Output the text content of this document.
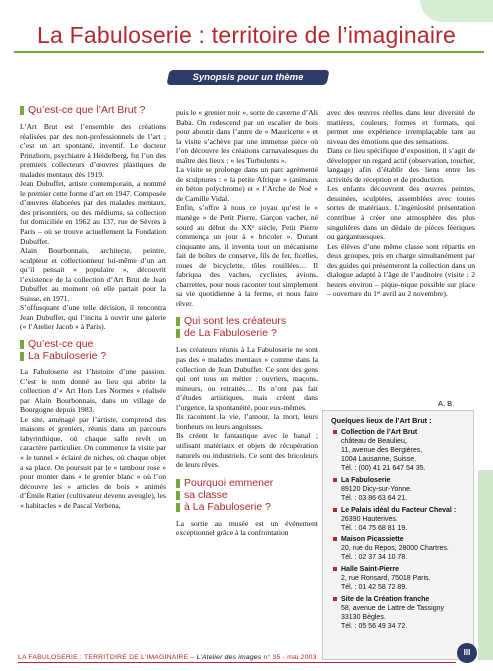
La Fabuloserie : territoire de l’imaginaire
Synopsis pour un thème

Qu’est-ce que l’Art Brut ?

L’Art Brut est l’ensemble des créations réalisées par des non-professionnels de l’art ; c’est un art spontané, inventif. Le docteur Prinzhorn, psychiatre à Heidelberg, fut l’un des premiers collecteurs d’œuvres plastiques de malades mentaux dès 1919.

Jean Dubuffet, artiste contemporain, a nommé le premier cette forme d’art en 1947. Composée d’œuvres élaborées par des malades mentaux, des prisonniers, ou des médiums, sa collection fut domiciliée en 1962 au 137, rue de Sèvres à Paris – où se trouve actuellement la Fondation Dubuffet.

Alain Bourbonnais, architecte, peintre, sculpteur et collectionneur lui-même d’un art qu’il pensait « populaire », découvrit l’existence de la collection d’Art Brut de Jean Dubuffet au moment où elle partait pour la Suisse, en 1971.

S’offusquant d’une telle décision, il rencontra Jean Dubuffet, qui l’incita à ouvrir une galerie (« l’Atelier Jacob » à Paris).

Qu’est-ce que

La Fabuloserie ?

La Fabuloserie est l’histoire d’une passion. C’est le nom donné au lieu qui abrite la collection d’« Art Hors Les Normes » réalisée par Alain Bourbonnais, dans un village de Bourgogne depuis 1983.

Le site, aménagé par l’artiste, comprend des maisons et greniers, réunis dans un parcours labyrinthique, où chaque salle revêt un caractère particulier. On commence la visite par « le tunnel » éclairé de niches, où chaque objet a sa place. On poursuit par le « tambour rose » pour monter dans « le grenier blanc » où l’on découvre les « articles de bois » animés d’Émile Ratier (cultivateur devenu aveugle), les « habitacles » de Pascal Verbena,

puis le « grenier noir », sorte de caverne d’Ali Baba. On redescend par un escalier de bois pour aboutir dans l’antre de « Mauricette » et la visite s’achève par une immense pièce où l’on découvre les créations carnavalesques du maître des lieux : « les Turbulents ».

La visite se prolonge dans un parc agrémenté de sculptures : « la petite Afrique » (animaux en béton polychrome) et « l’Arche de Noé » de Camille Vidal.

Enfin, s’offre à nous ce joyau qu’est le « manège » de Petit Pierre. Garçon vacher, né sourd au début du XXᵉ siècle, Petit Pierre commença un jour à « bricoler ». Durant cinquante ans, il inventa tout un mécanisme fait de boîtes de conserve, fils de fer, ficelles, roues de bicyclette, tôles rouillées… Il fabriqua des vaches, cyclistes, avions, charrettes, pour nous raconter tout simplement sa vie quotidienne à la ferme, et nous faire rêver.

Qui sont les créateurs

de La Fabuloserie ?

Les créateurs réunis à La Fabuloserie ne sont pas des « malades mentaux » comme dans la collection de Jean Dubuffet. Ce sont des gens qui ont tous un métier : ouvriers, maçons, mineurs, ou retraités… Ils n’ont pas fait d’études artistiques, mais créent dans l’urgence, la spontanéité, pour eux-mêmes.

Ils racontent la vie, l’amour, la mort, leurs bonheurs ou leurs angoisses.

Ils créent le fantastique avec le banal ; utilisant matériaux et objets de récupération naturels ou industriels. Ce sont des bricoleurs de leurs rêves.

Pourquoi emmener

sa classe

à La Fabuloserie ?

La sortie au musée est un événement exceptionnel grâce à la confrontation

avec des œuvres réelles dans leur diversité de matières, couleurs, formes et formats, qui permet une expérience irremplaçable tant au niveau des émotions que des sensations.

Dans ce lieu spécifique d’exposition, il s’agit de développer un regard actif (observation, toucher, langage) afin d’établir des liens entre les activités de réception et de production.

Les enfants découvrent des œuvres peintes, dessinées, sculptées, assemblées avec toutes sortes de matériaux. L’ingéniosité présentation contribue à créer une atmosphère des plus singulières dans un dédale de pièces féeriques ou gargantuesques.

Les élèves d’une même classe sont répartis en deux groupes, pris en charge simultanément par des guides qui présenteront la collection dans un dialogue adapté à l’âge de l’auditoire (visite : 2 heures environ – pique-nique possible sur place – ouverture du 1ᵉʳ avril au 2 novembre).

A. B.
Quelques lieux de l’Art Brut :
Collection de l’Art Brut
château de Beaulieu,
11, avenue des Bergières,
1004 Lausanne, Suisse.
Tél. : (00) 41 21 647 54 35.
La Fabuloserie
89120 Dicy-sur-Yonne.
Tél. : 03 86 63 64 21.
Le Palais idéal du Facteur Cheval :
26390 Hauterives.
Tél. : 04 75 68 81 19.
Maison Picassiette
20, rue du Repos, 28000 Chartres.
Tél. : 02 37 34 10 78.
Halle Saint-Pierre
2, rue Ronsard, 75018 Paris.
Tél. : 01 42 58 72 89.
Site de la Création franche
58, avenue de Lattre de Tassigny
33130 Bègles.
Tél. : 05 56 49 34 72.
LA FABULOSERIE : TERRITOIRE DE L’IMAGINAIRE – L’Atelier des images n° 35 - mai 2003
III
